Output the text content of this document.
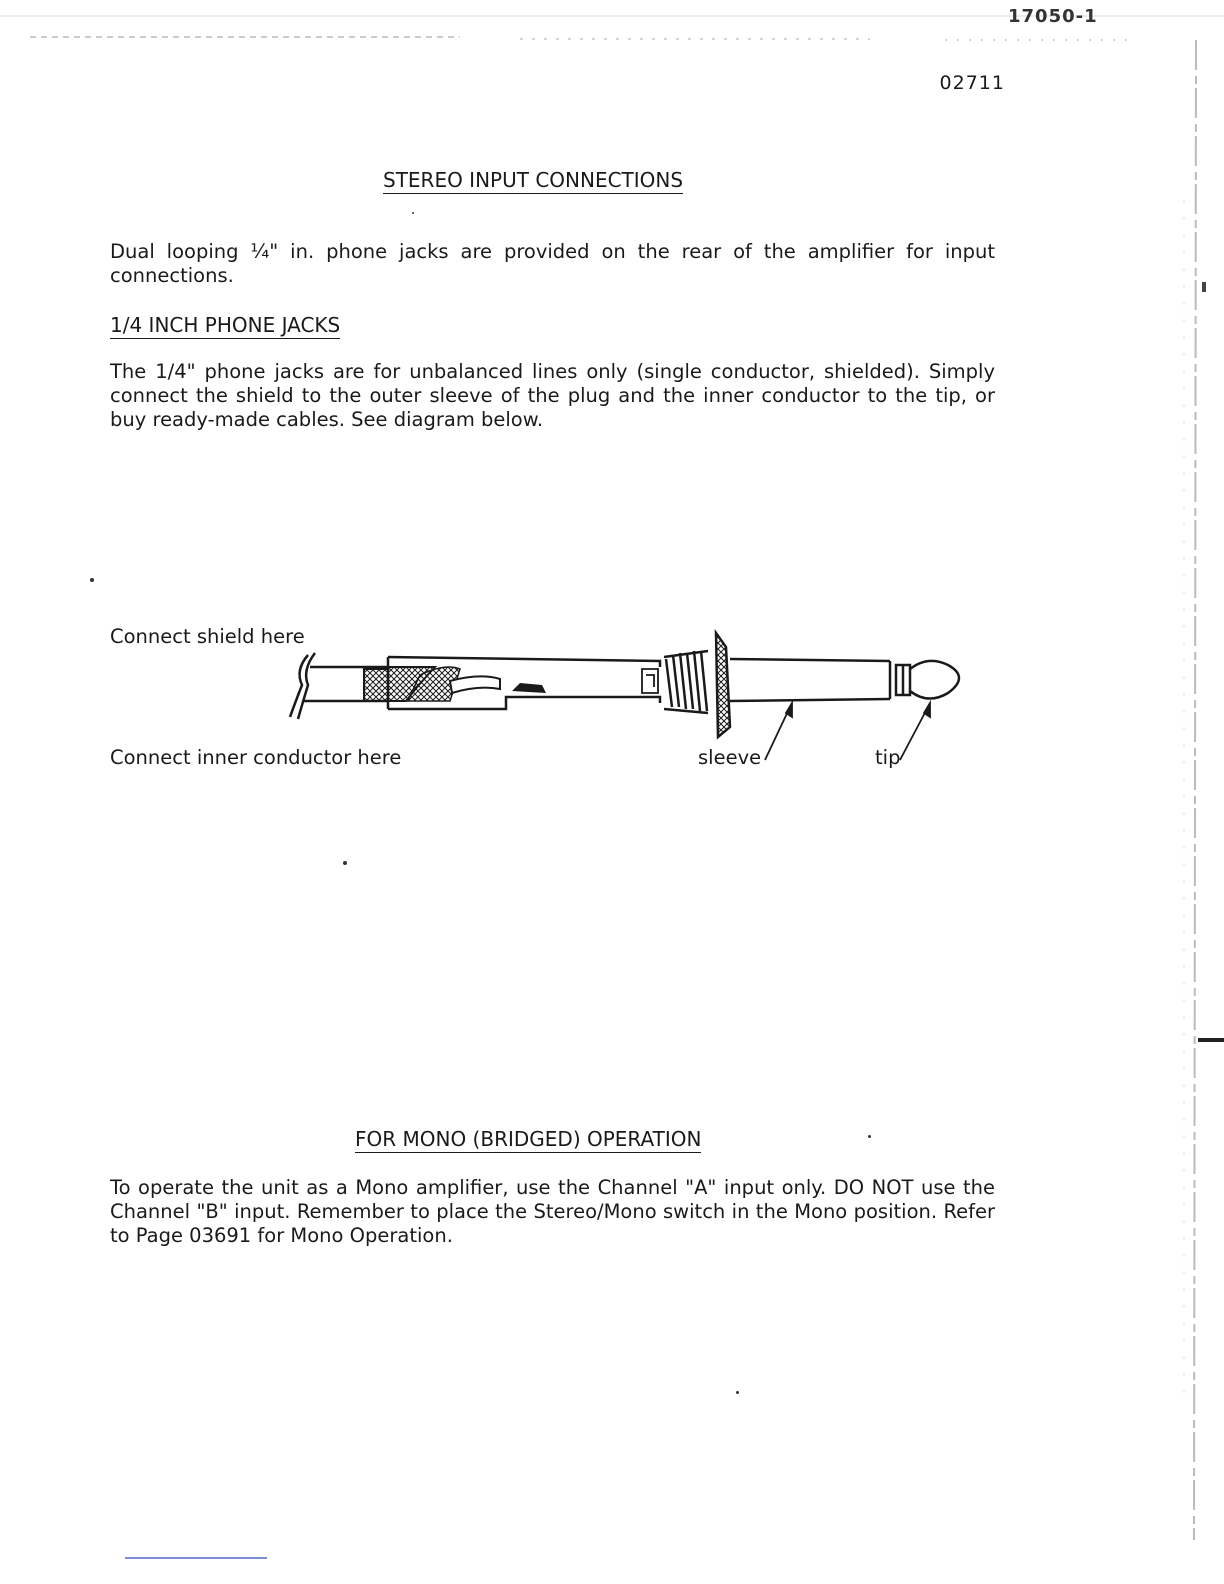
17050-1
02711
STEREO INPUT CONNECTIONS

Dual looping ¼" in. phone jacks are provided on the rear of the amplifier for input connections.

1/4 INCH PHONE JACKS

The 1/4" phone jacks are for unbalanced lines only (single conductor, shielded). Simply connect the shield to the outer sleeve of the plug and the inner conductor to the tip, or buy ready-made cables. See diagram below.

Connect shield here
Connect inner conductor here	sleeve	tip
FOR MONO (BRIDGED) OPERATION

To operate the unit as a Mono amplifier, use the Channel "A" input only. DO NOT use the Channel "B" input. Remember to place the Stereo/Mono switch in the Mono position. Refer to Page 03691 for Mono Operation.
